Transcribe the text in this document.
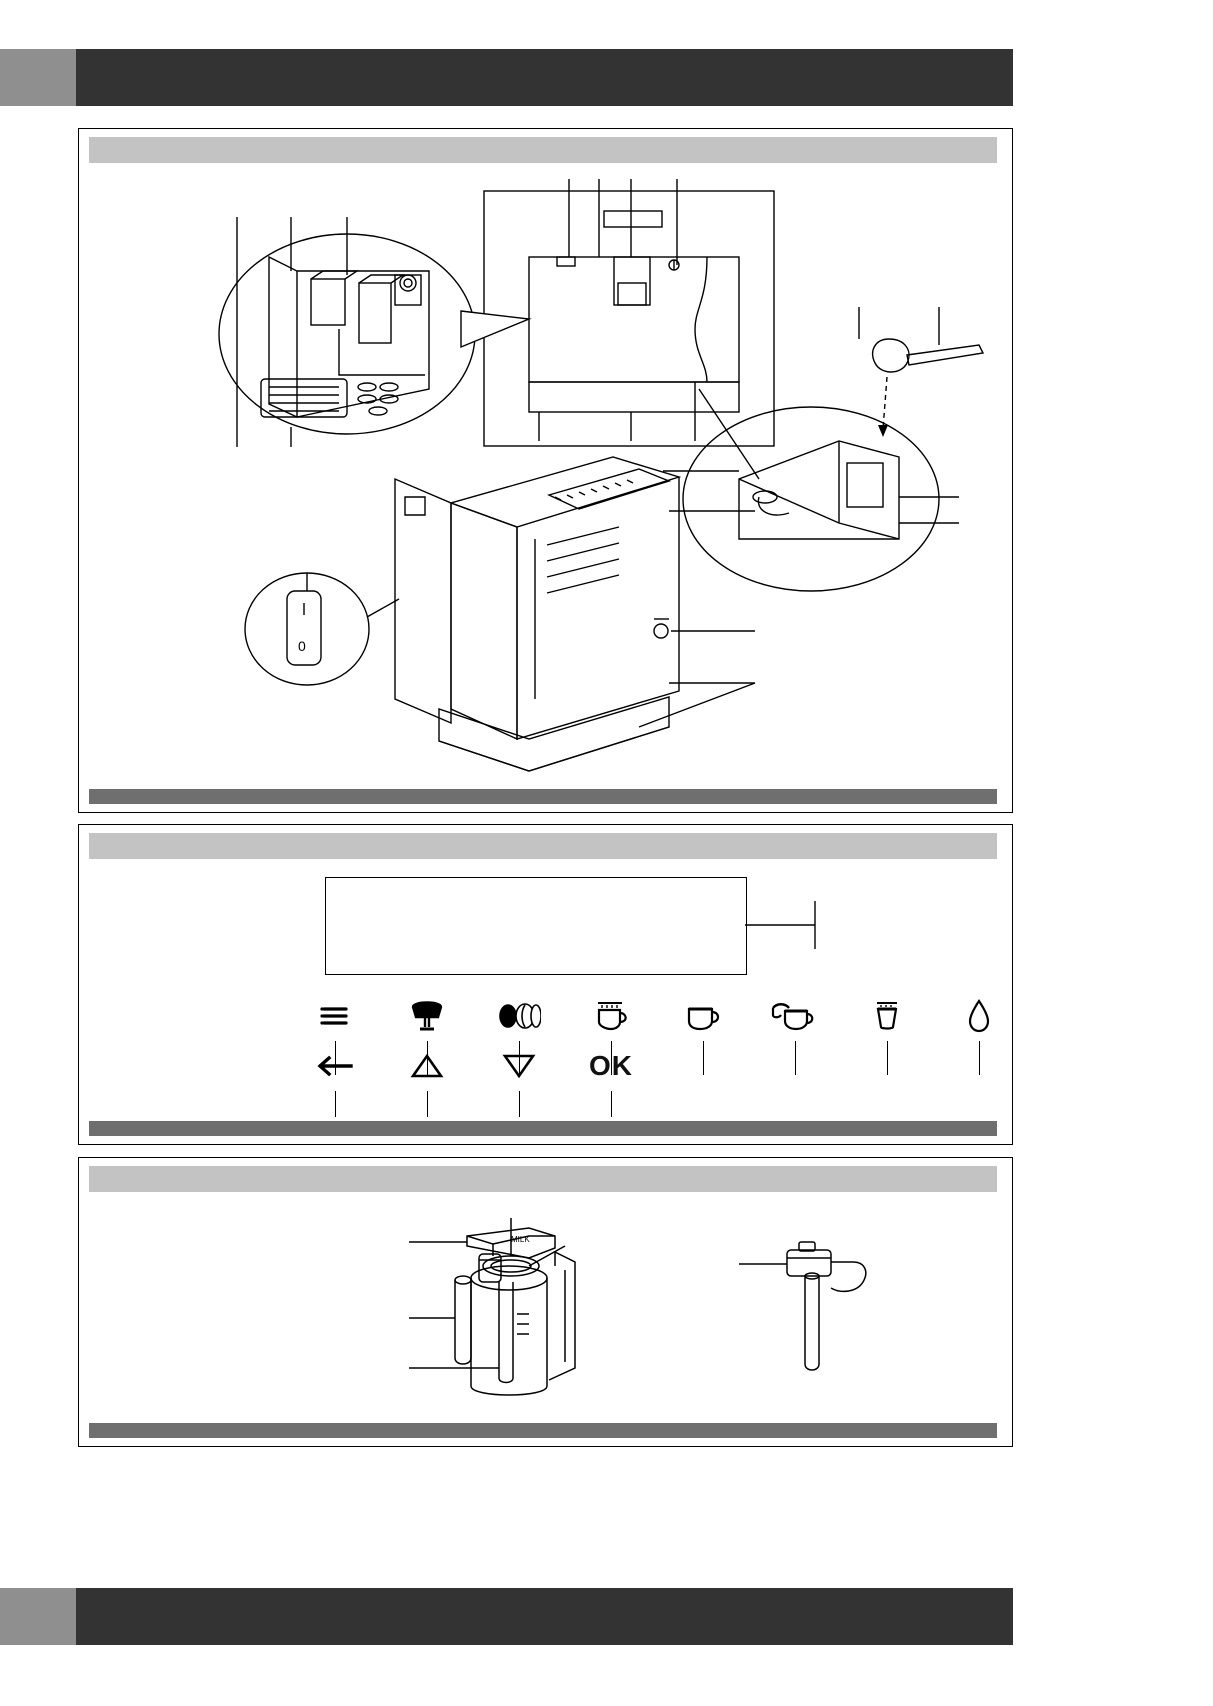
0
OK
MILK
